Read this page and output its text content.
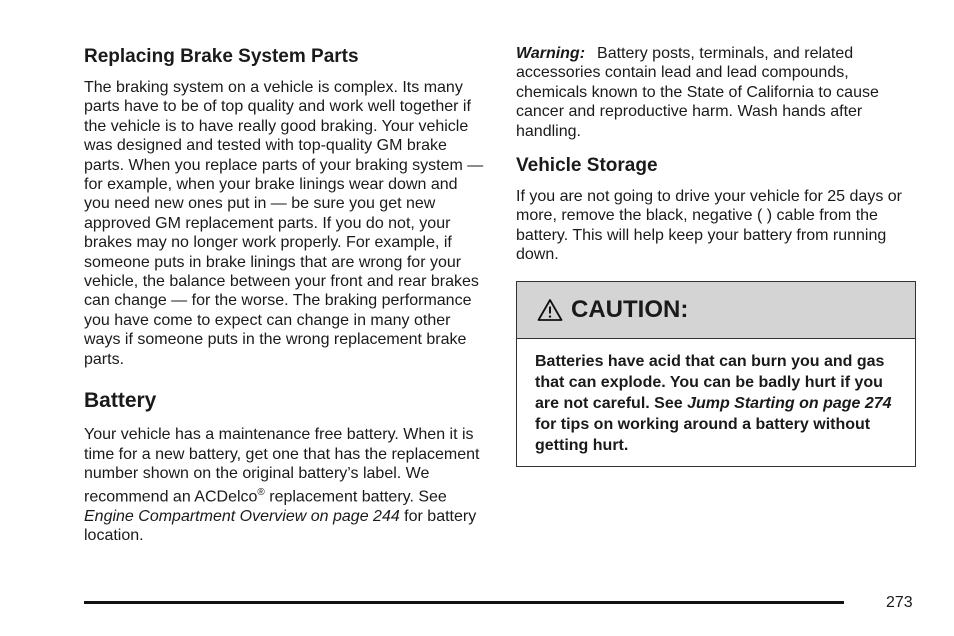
Replacing Brake System Parts

The braking system on a vehicle is complex. Its many parts have to be of top quality and work well together if the vehicle is to have really good braking. Your vehicle was designed and tested with top-quality GM brake parts. When you replace parts of your braking system — for example, when your brake linings wear down and you need new ones put in — be sure you get new approved GM replacement parts. If you do not, your brakes may no longer work properly. For example, if someone puts in brake linings that are wrong for your vehicle, the balance between your front and rear brakes can change — for the worse. The braking performance you have come to expect can change in many other ways if someone puts in the wrong replacement brake parts.

Battery

Your vehicle has a maintenance free battery. When it is time for a new battery, get one that has the replacement number shown on the original battery’s label. We recommend an ACDelco® replacement battery. See Engine Compartment Overview on page 244 for battery location.

Warning: Battery posts, terminals, and related accessories contain lead and lead compounds, chemicals known to the State of California to cause cancer and reproductive harm. Wash hands after handling.

Vehicle Storage

If you are not going to drive your vehicle for 25 days or more, remove the black, negative ( ) cable from the battery. This will help keep your battery from running down.

CAUTION:
Batteries have acid that can burn you and gas that can explode. You can be badly hurt if you are not careful. See Jump Starting on page 274 for tips on working around a battery without getting hurt.
273
